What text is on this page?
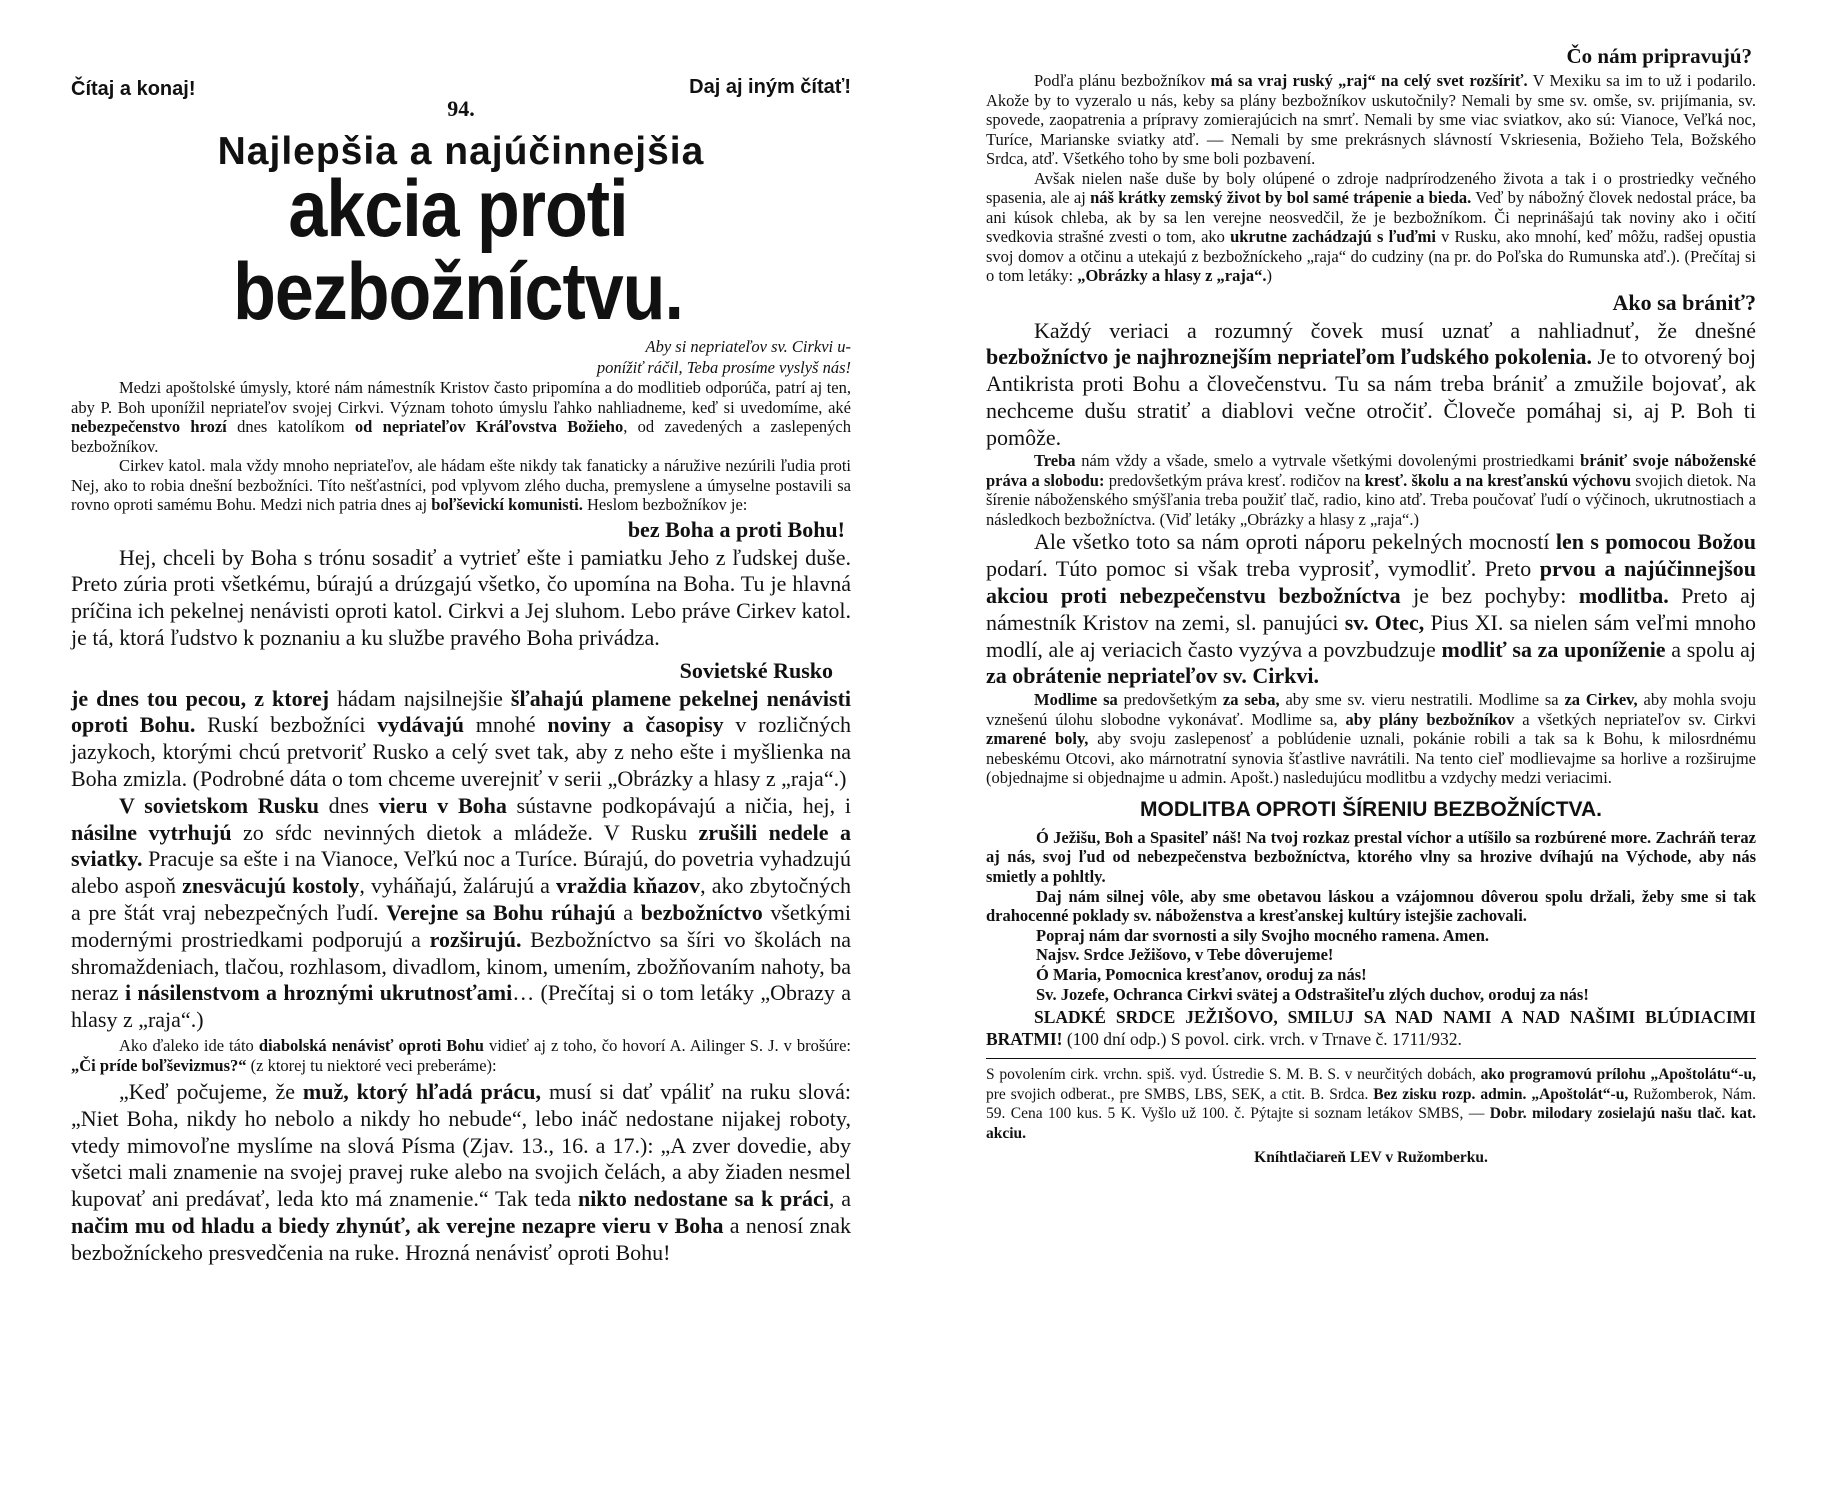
Čítaj a konaj!	Daj aj iným čítať!
94.
Najlepšia a najúčinnejšia
akcia proti bezbožníctvu.
Aby si nepriateľov sv. Cirkvi u-
ponížiť ráčil, Teba prosíme vyslyš nás!

Medzi apoštolské úmysly, ktoré nám námestník Kristov často pripomína a do modlitieb odporúča, patrí aj ten, aby P. Boh uponížil nepriateľov svojej Cirkvi. Význam tohoto úmyslu ľahko nahliadneme, keď si uvedomíme, aké nebezpečenstvo hrozí dnes katolíkom od nepriateľov Kráľovstva Božieho, od zavedených a zaslepených bezbožníkov.

Cirkev katol. mala vždy mnoho nepriateľov, ale hádam ešte nikdy tak fanaticky a náružive nezúrili ľudia proti Nej, ako to robia dnešní bezbožníci. Títo nešťastníci, pod vplyvom zlého ducha, premyslene a úmyselne postavili sa rovno oproti samému Bohu. Medzi nich patria dnes aj boľševickí komunisti. Heslom bezbožníkov je:

bez Boha a proti Bohu!

Hej, chceli by Boha s trónu sosadiť a vytrieť ešte i pamiatku Jeho z ľudskej duše. Preto zúria proti všetkému, búrajú a drúzgajú všetko, čo upomína na Boha. Tu je hlavná príčina ich pekelnej nenávisti oproti katol. Cirkvi a Jej sluhom. Lebo práve Cirkev katol. je tá, ktorá ľudstvo k poznaniu a ku službe pravého Boha privádza.

Sovietské Rusko

je dnes tou pecou, z ktorej hádam najsilnejšie šľahajú plamene pekelnej nenávisti oproti Bohu. Ruskí bezbožníci vydávajú mnohé noviny a časopisy v rozličných jazykoch, ktorými chcú pretvoriť Rusko a celý svet tak, aby z neho ešte i myšlienka na Boha zmizla. (Podrobné dáta o tom chceme uverejniť v serii „Obrázky a hlasy z „raja“.)

V sovietskom Rusku dnes vieru v Boha sústavne podkopávajú a ničia, hej, i násilne vytrhujú zo sŕdc nevinných dietok a mládeže. V Rusku zrušili nedele a sviatky. Pracuje sa ešte i na Vianoce, Veľkú noc a Turíce. Búrajú, do povetria vyhadzujú alebo aspoň znesväcujú kostoly, vyháňajú, žalárujú a vraždia kňazov, ako zbytočných a pre štát vraj nebezpečných ľudí. Verejne sa Bohu rúhajú a bezbožníctvo všetkými modernými prostriedkami podporujú a rozširujú. Bezbožníctvo sa šíri vo školách na shromaždeniach, tlačou, rozhlasom, divadlom, kinom, umením, zbožňovaním nahoty, ba neraz i násilenstvom a hroznými ukrutnosťami… (Prečítaj si o tom letáky „Obrazy a hlasy z „raja“.)

Ako ďaleko ide táto diabolská nenávisť oproti Bohu vidieť aj z toho, čo hovorí A. Ailinger S. J. v brošúre: „Či príde boľševizmus?“ (z ktorej tu niektoré veci preberáme):

„Keď počujeme, že muž, ktorý hľadá prácu, musí si dať vpáliť na ruku slová: „Niet Boha, nikdy ho nebolo a nikdy ho nebude“, lebo ináč nedostane nijakej roboty, vtedy mimovoľne myslíme na slová Písma (Zjav. 13., 16. a 17.): „A zver dovedie, aby všetci mali znamenie na svojej pravej ruke alebo na svojich čelách, a aby žiaden nesmel kupovať ani predávať, leda kto má znamenie.“ Tak teda nikto nedostane sa k práci, a načim mu od hladu a biedy zhynúť, ak verejne nezapre vieru v Boha a nenosí znak bezbožníckeho presvedčenia na ruke. Hrozná nenávisť oproti Bohu!

Čo nám pripravujú?

Podľa plánu bezbožníkov má sa vraj ruský „raj“ na celý svet rozšíriť. V Mexiku sa im to už i podarilo. Akože by to vyzeralo u nás, keby sa plány bezbožníkov uskutočnily? Nemali by sme sv. omše, sv. prijímania, sv. spovede, zaopatrenia a prípravy zomierajúcich na smrť. Nemali by sme viac sviatkov, ako sú: Vianoce, Veľká noc, Turíce, Marianske sviatky atď. — Nemali by sme prekrásnych slávností Vskriesenia, Božieho Tela, Božského Srdca, atď. Všetkého toho by sme boli pozbavení.

Avšak nielen naše duše by boly olúpené o zdroje nadprírodzeného života a tak i o prostriedky večného spasenia, ale aj náš krátky zemský život by bol samé trápenie a bieda. Veď by nábožný človek nedostal práce, ba ani kúsok chleba, ak by sa len verejne neosvedčil, že je bezbožníkom. Či neprinášajú tak noviny ako i očití svedkovia strašné zvesti o tom, ako ukrutne zachádzajú s ľuďmi v Rusku, ako mnohí, keď môžu, radšej opustia svoj domov a otčinu a utekajú z bezbožníckeho „raja“ do cudziny (na pr. do Poľska do Rumunska atď.). (Prečítaj si o tom letáky: „Obrázky a hlasy z „raja“.)

Ako sa brániť?

Každý veriaci a rozumný čovek musí uznať a nahliadnuť, že dnešné bezbožníctvo je najhroznejším nepriateľom ľudského pokolenia. Je to otvorený boj Antikrista proti Bohu a človečenstvu. Tu sa nám treba brániť a zmužile bojovať, ak nechceme dušu stratiť a diablovi večne otročiť. Človeče pomáhaj si, aj P. Boh ti pomôže.

Treba nám vždy a všade, smelo a vytrvale všetkými dovolenými prostriedkami brániť svoje náboženské práva a slobodu: predovšetkým práva kresť. rodičov na kresť. školu a na kresťanskú výchovu svojich dietok. Na šírenie náboženského smýšľania treba použiť tlač, radio, kino atď. Treba poučovať ľudí o výčinoch, ukrutnostiach a následkoch bezbožníctva. (Viď letáky „Obrázky a hlasy z „raja“.)

Ale všetko toto sa nám oproti náporu pekelných mocností len s pomocou Božou podarí. Túto pomoc si však treba vyprosiť, vymodliť. Preto prvou a najúčinnejšou akciou proti nebezpečenstvu bezbožníctva je bez pochyby: modlitba. Preto aj námestník Kristov na zemi, sl. panujúci sv. Otec, Pius XI. sa nielen sám veľmi mnoho modlí, ale aj veriacich často vyzýva a povzbudzuje modliť sa za uponíženie a spolu aj za obrátenie nepriateľov sv. Cirkvi.

Modlime sa predovšetkým za seba, aby sme sv. vieru nestratili. Modlime sa za Cirkev, aby mohla svoju vznešenú úlohu slobodne vykonávať. Modlime sa, aby plány bezbožníkov a všetkých nepriateľov sv. Cirkvi zmarené boly, aby svoju zaslepenosť a poblúdenie uznali, pokánie robili a tak sa k Bohu, k milosrdnému nebeskému Otcovi, ako márnotratní synovia šťastlive navrátili. Na tento cieľ modlievajme sa horlive a rozširujme (objednajme si objednajme u admin. Apošt.) nasledujúcu modlitbu a vzdychy medzi veriacimi.

MODLITBA OPROTI ŠÍRENIU BEZBOŽNÍCTVA.

Ó Ježišu, Boh a Spasiteľ náš! Na tvoj rozkaz prestal víchor a utíšilo sa rozbúrené more. Zachráň teraz aj nás, svoj ľud od nebezpečenstva bezbožníctva, ktorého vlny sa hrozive dvíhajú na Východe, aby nás smietly a pohltly.

Daj nám silnej vôle, aby sme obetavou láskou a vzájomnou dôverou spolu držali, žeby sme si tak drahocenné poklady sv. náboženstva a kresťanskej kultúry istejšie zachovali.

Popraj nám dar svornosti a sily Svojho mocného ramena. Amen.

Najsv. Srdce Ježišovo, v Tebe dôverujeme!

Ó Maria, Pomocnica kresťanov, oroduj za nás!

Sv. Jozefe, Ochranca Cirkvi svätej a Odstrašiteľu zlých duchov, oroduj za nás!

SLADKÉ SRDCE JEŽIŠOVO, SMILUJ SA NAD NAMI A NAD NAŠIMI BLÚDIACIMI BRATMI! (100 dní odp.) S povol. cirk. vrch. v Trnave č. 1711/932.

S povolením cirk. vrchn. spiš. vyd. Ústredie S. M. B. S. v neurčitých dobách, ako programovú prílohu „Apoštolátu“-u, pre svojich odberat., pre SMBS, LBS, SEK, a ctit. B. Srdca. Bez zisku rozp. admin. „Apoštolát“-u, Ružomberok, Nám. 59. Cena 100 kus. 5 K. Vyšlo už 100. č. Pýtajte si soznam letákov SMBS, — Dobr. milodary zosielajú našu tlač. kat. akciu.
Kníhtlačiareň LEV v Ružomberku.
